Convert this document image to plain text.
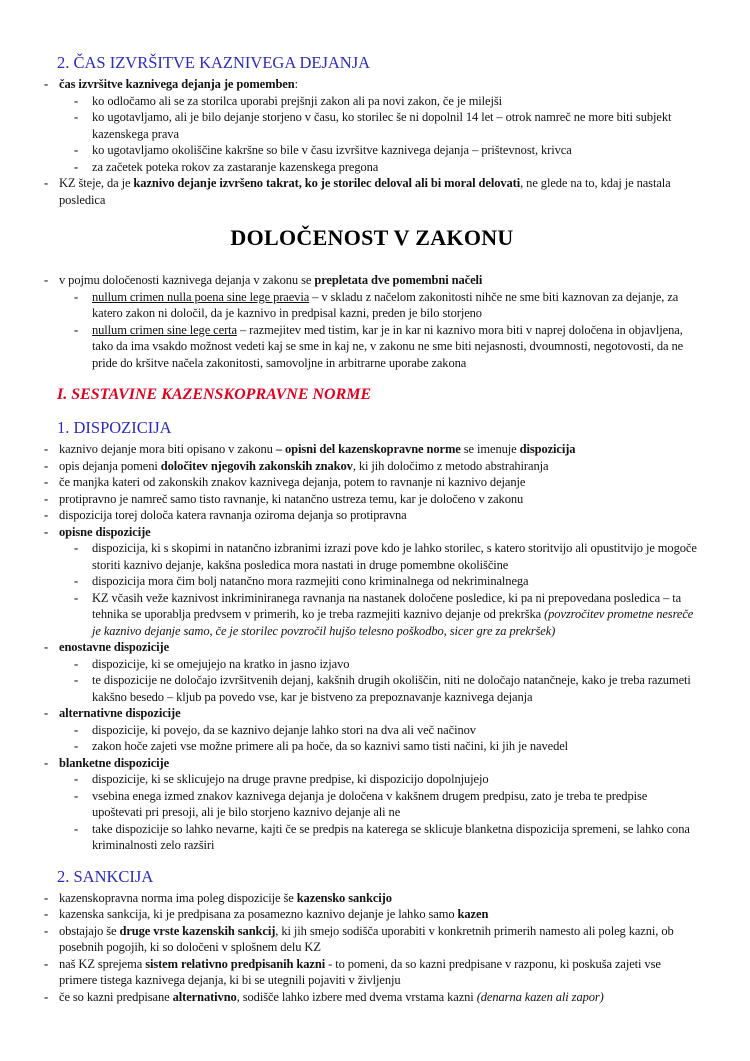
2. ČAS IZVRŠITVE KAZNIVEGA DEJANJA
- čas izvršitve kaznivega dejanja je pomemben:
- ko odločamo ali se za storilca uporabi prejšnji zakon ali pa novi zakon, če je milejši
- ko ugotavljamo, ali je bilo dejanje storjeno v času, ko storilec še ni dopolnil 14 let – otrok namreč ne more biti subjekt kazenskega prava
- ko ugotavljamo okoliščine kakršne so bile v času izvršitve kaznivega dejanja – prištevnost, krivca
- za začetek poteka rokov za zastaranje kazenskega pregona
- KZ šteje, da je kaznivo dejanje izvršeno takrat, ko je storilec deloval ali bi moral delovati, ne glede na to, kdaj je nastala posledica
DOLOČENOST V ZAKONU
- v pojmu določenosti kaznivega dejanja v zakonu se prepletata dve pomembni načeli
- nullum crimen nulla poena sine lege praevia – v skladu z načelom zakonitosti nihče ne sme biti kaznovan za dejanje, za katero zakon ni določil, da je kaznivo in predpisal kazni, preden je bilo storjeno
- nullum crimen sine lege certa – razmejitev med tistim, kar je in kar ni kaznivo mora biti v naprej določena in objavljena, tako da ima vsakdo možnost vedeti kaj se sme in kaj ne, v zakonu ne sme biti nejasnosti, dvoumnosti, negotovosti, da ne pride do kršitve načela zakonitosti, samovoljne in arbitrarne uporabe zakona
I. SESTAVINE KAZENSKOPRAVNE NORME
1. DISPOZICIJA
- kaznivo dejanje mora biti opisano v zakonu – opisni del kazenskopravne norme se imenuje dispozicija
- opis dejanja pomeni določitev njegovih zakonskih znakov, ki jih določimo z metodo abstrahiranja
- če manjka kateri od zakonskih znakov kaznivega dejanja, potem to ravnanje ni kaznivo dejanje
- protipravno je namreč samo tisto ravnanje, ki natančno ustreza temu, kar je določeno v zakonu
- dispozicija torej določa katera ravnanja oziroma dejanja so protipravna
- opisne dispozicije
- dispozicija, ki s skopimi in natančno izbranimi izrazi pove kdo je lahko storilec, s katero storitvijo ali opustitvijo je mogoče storiti kaznivo dejanje, kakšna posledica mora nastati in druge pomembne okoliščine
- dispozicija mora čim bolj natančno mora razmejiti cono kriminalnega od nekriminalnega
- KZ včasih veže kaznivost inkriminiranega ravnanja na nastanek določene posledice, ki pa ni prepovedana posledica – ta tehnika se uporablja predvsem v primerih, ko je treba razmejiti kaznivo dejanje od prekrška (povzročitev prometne nesreče je kaznivo dejanje samo, če je storilec povzročil hujšo telesno poškodbo, sicer gre za prekršek)
- enostavne dispozicije
- dispozicije, ki se omejujejo na kratko in jasno izjavo
- te dispozicije ne določajo izvršitvenih dejanj, kakšnih drugih okoliščin, niti ne določajo natančneje, kako je treba razumeti kakšno besedo – kljub pa povedo vse, kar je bistveno za prepoznavanje kaznivega dejanja
- alternativne dispozicije
- dispozicije, ki povejo, da se kaznivo dejanje lahko stori na dva ali več načinov
- zakon hoče zajeti vse možne primere ali pa hoče, da so kaznivi samo tisti načini, ki jih je navedel
- blanketne dispozicije
- dispozicije, ki se sklicujejo na druge pravne predpise, ki dispozicijo dopolnjujejo
- vsebina enega izmed znakov kaznivega dejanja je določena v kakšnem drugem predpisu, zato je treba te predpise upoštevati pri presoji, ali je bilo storjeno kaznivo dejanje ali ne
- take dispozicije so lahko nevarne, kajti če se predpis na katerega se sklicuje blanketna dispozicija spremeni, se lahko cona kriminalnosti zelo razširi
2. SANKCIJA
- kazenskopravna norma ima poleg dispozicije še kazensko sankcijo
- kazenska sankcija, ki je predpisana za posamezno kaznivo dejanje je lahko samo kazen
- obstajajo še druge vrste kazenskih sankcij, ki jih smejo sodišča uporabiti v konkretnih primerih namesto ali poleg kazni, ob posebnih pogojih, ki so določeni v splošnem delu KZ
- naš KZ sprejema sistem relativno predpisanih kazni - to pomeni, da so kazni predpisane v razponu, ki poskuša zajeti vse primere tistega kaznivega dejanja, ki bi se utegnili pojaviti v življenju
- če so kazni predpisane alternativno, sodišče lahko izbere med dvema vrstama kazni (denarna kazen ali zapor)
